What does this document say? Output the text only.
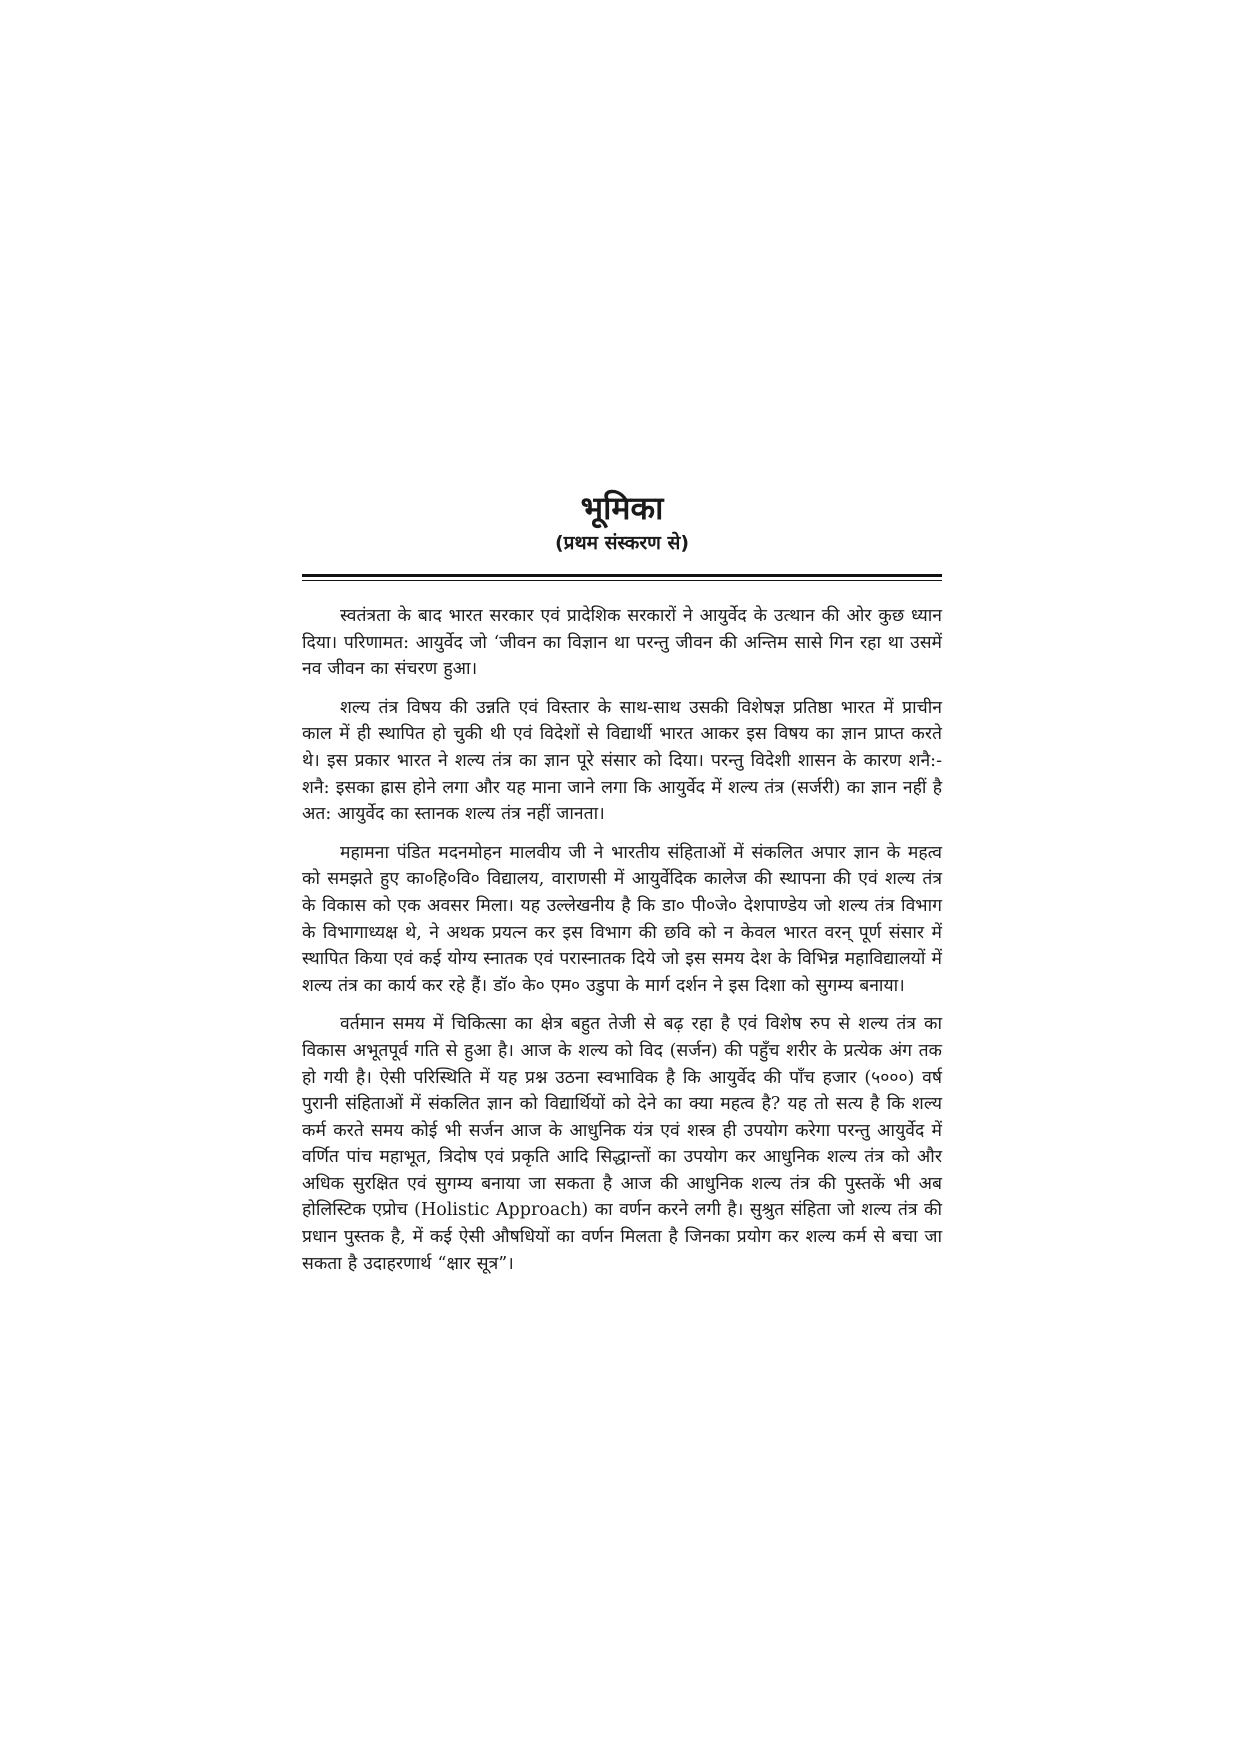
भूमिका
(प्रथम संस्करण से)

स्वतंत्रता के बाद भारत सरकार एवं प्रादेशिक सरकारों ने आयुर्वेद के उत्थान की ओर कुछ ध्यान दिया। परिणामत: आयुर्वेद जो ‘जीवन का विज्ञान था परन्तु जीवन की अन्तिम सासे गिन रहा था उसमें नव जीवन का संचरण हुआ।

शल्य तंत्र विषय की उन्नति एवं विस्तार के साथ-साथ उसकी विशेषज्ञ प्रतिष्ठा भारत में प्राचीन काल में ही स्थापित हो चुकी थी एवं विदेशों से विद्यार्थी भारत आकर इस विषय का ज्ञान प्राप्त करते थे। इस प्रकार भारत ने शल्य तंत्र का ज्ञान पूरे संसार को दिया। परन्तु विदेशी शासन के कारण शनै:-शनै: इसका ह्रास होने लगा और यह माना जाने लगा कि आयुर्वेद में शल्य तंत्र (सर्जरी) का ज्ञान नहीं है अत: आयुर्वेद का स्तानक शल्य तंत्र नहीं जानता।

महामना पंडित मदनमोहन मालवीय जी ने भारतीय संहिताओं में संकलित अपार ज्ञान के महत्व को समझते हुए का०हि०वि० विद्यालय, वाराणसी में आयुर्वेदिक कालेज की स्थापना की एवं शल्य तंत्र के विकास को एक अवसर मिला। यह उल्लेखनीय है कि डा० पी०जे० देशपाण्डेय जो शल्य तंत्र विभाग के विभागाध्यक्ष थे, ने अथक प्रयत्न कर इस विभाग की छवि को न केवल भारत वरन् पूर्ण संसार में स्थापित किया एवं कई योग्य स्नातक एवं परास्नातक दिये जो इस समय देश के विभिन्न महाविद्यालयों में शल्य तंत्र का कार्य कर रहे हैं। डॉ० के० एम० उडुपा के मार्ग दर्शन ने इस दिशा को सुगम्य बनाया।

वर्तमान समय में चिकित्सा का क्षेत्र बहुत तेजी से बढ़ रहा है एवं विशेष रुप से शल्य तंत्र का विकास अभूतपूर्व गति से हुआ है। आज के शल्य को विद (सर्जन) की पहुँच शरीर के प्रत्येक अंग तक हो गयी है। ऐसी परिस्थिति में यह प्रश्न उठना स्वभाविक है कि आयुर्वेद की पाँच हजार (५०००) वर्ष पुरानी संहिताओं में संकलित ज्ञान को विद्यार्थियों को देने का क्या महत्व है? यह तो सत्य है कि शल्य कर्म करते समय कोई भी सर्जन आज के आधुनिक यंत्र एवं शस्त्र ही उपयोग करेगा परन्तु आयुर्वेद में वर्णित पांच महाभूत, त्रिदोष एवं प्रकृति आदि सिद्धान्तों का उपयोग कर आधुनिक शल्य तंत्र को और अधिक सुरक्षित एवं सुगम्य बनाया जा सकता है आज की आधुनिक शल्य तंत्र की पुस्तकें भी अब होलिस्टिक एप्रोच (Holistic Approach) का वर्णन करने लगी है। सुश्रुत संहिता जो शल्य तंत्र की प्रधान पुस्तक है, में कई ऐसी औषधियों का वर्णन मिलता है जिनका प्रयोग कर शल्य कर्म से बचा जा सकता है उदाहरणार्थ “क्षार सूत्र”।
